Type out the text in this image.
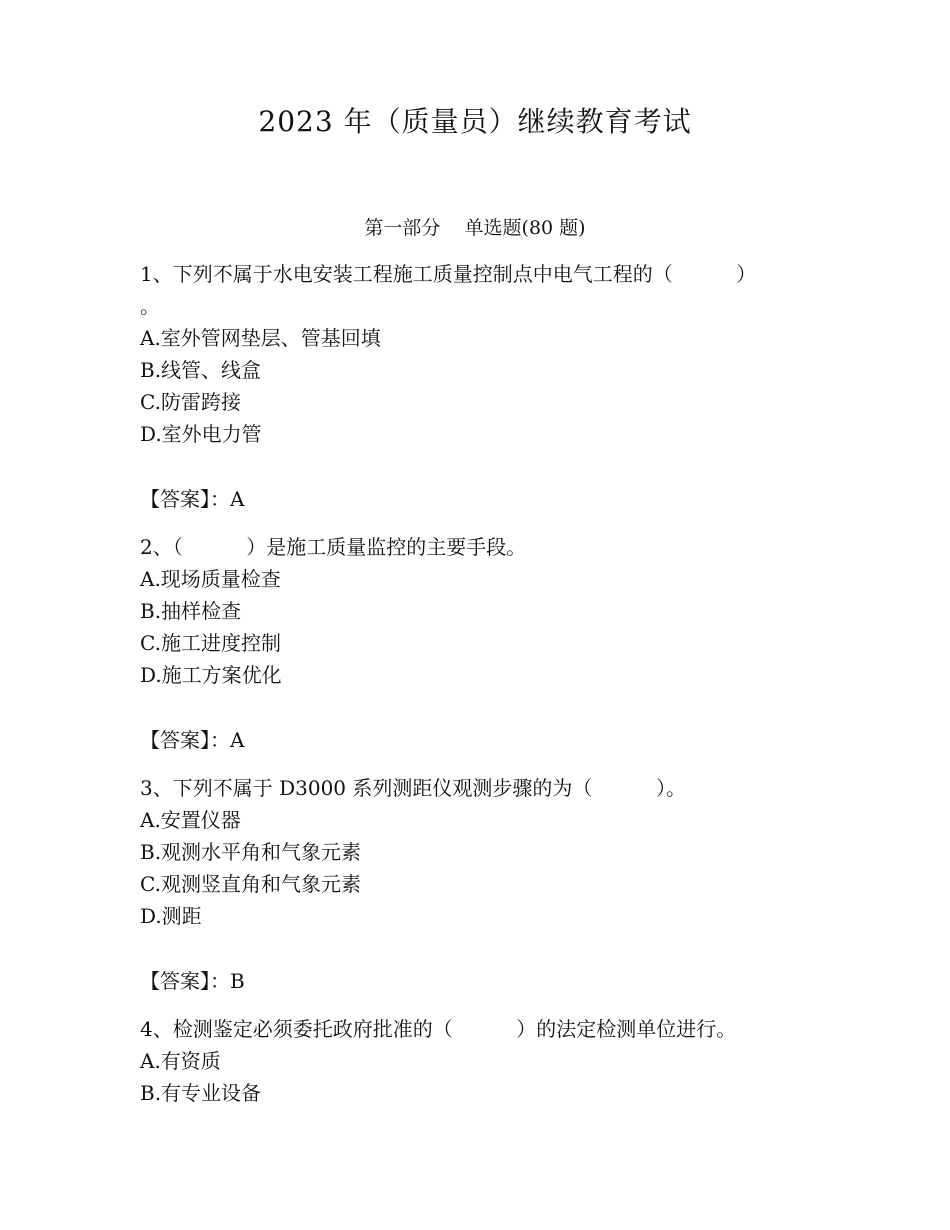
2023 年（质量员）继续教育考试
第一部分    单选题(80 题)

1、下列不属于水电安装工程施工质量控制点中电气工程的（          ）

。

A.室外管网垫层、管基回填

B.线管、线盒

C.防雷跨接

D.室外电力管

【答案】：A

2、（          ）是施工质量监控的主要手段。

A.现场质量检查

B.抽样检查

C.施工进度控制

D.施工方案优化

【答案】：A

3、下列不属于 D3000 系列测距仪观测步骤的为（          ）。

A.安置仪器

B.观测水平角和气象元素

C.观测竖直角和气象元素

D.测距

【答案】：B

4、检测鉴定必须委托政府批准的（          ）的法定检测单位进行。

A.有资质

B.有专业设备
